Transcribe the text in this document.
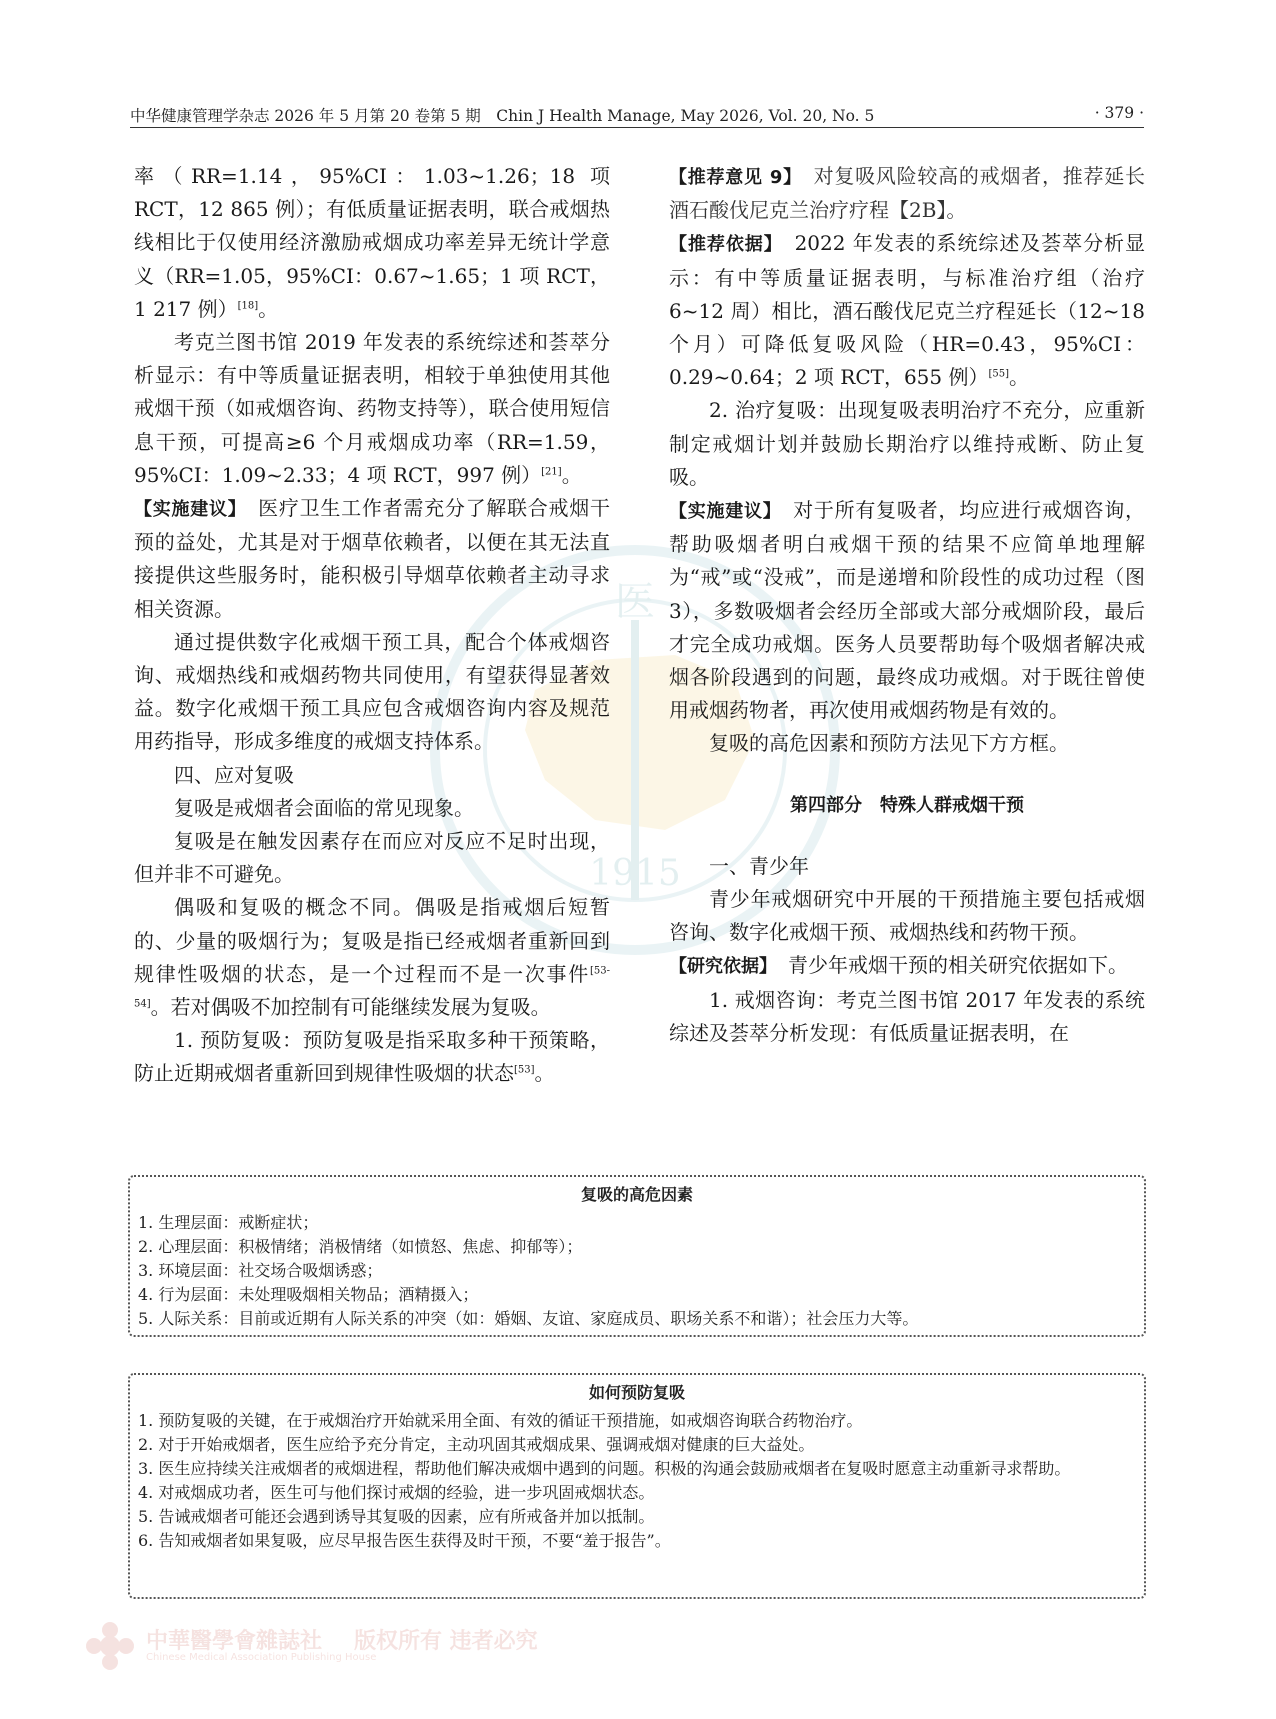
中华健康管理学杂志 2026 年 5 月第 20 卷第 5 期　Chin J Health Manage, May 2026, Vol. 20, No. 5	· 379 ·
医
1915

率（RR=1.14，95%CI：1.03~1.26；18 项 RCT，12 865 例）；有低质量证据表明，联合戒烟热线相比于仅使用经济激励戒烟成功率差异无统计学意义（RR=1.05，95%CI：0.67~1.65；1 项 RCT，1 217 例）[18]。

考克兰图书馆 2019 年发表的系统综述和荟萃分析显示：有中等质量证据表明，相较于单独使用其他戒烟干预（如戒烟咨询、药物支持等），联合使用短信息干预，可提高≥6 个月戒烟成功率（RR=1.59，95%CI：1.09~2.33；4 项 RCT，997 例）[21]。

【实施建议】　医疗卫生工作者需充分了解联合戒烟干预的益处，尤其是对于烟草依赖者，以便在其无法直接提供这些服务时，能积极引导烟草依赖者主动寻求相关资源。

通过提供数字化戒烟干预工具，配合个体戒烟咨询、戒烟热线和戒烟药物共同使用，有望获得显著效益。数字化戒烟干预工具应包含戒烟咨询内容及规范用药指导，形成多维度的戒烟支持体系。

四、应对复吸

复吸是戒烟者会面临的常见现象。

复吸是在触发因素存在而应对反应不足时出现，但并非不可避免。

偶吸和复吸的概念不同。偶吸是指戒烟后短暂的、少量的吸烟行为；复吸是指已经戒烟者重新回到规律性吸烟的状态，是一个过程而不是一次事件[53-54]。若对偶吸不加控制有可能继续发展为复吸。

1. 预防复吸：预防复吸是指采取多种干预策略，防止近期戒烟者重新回到规律性吸烟的状态[53]。

【推荐意见 9】　对复吸风险较高的戒烟者，推荐延长酒石酸伐尼克兰治疗疗程【2B】。

【推荐依据】　2022 年发表的系统综述及荟萃分析显示：有中等质量证据表明，与标准治疗组（治疗 6~12 周）相比，酒石酸伐尼克兰疗程延长（12~18 个月）可降低复吸风险（HR=0.43，95%CI：0.29~0.64；2 项 RCT，655 例）[55]。

2. 治疗复吸：出现复吸表明治疗不充分，应重新制定戒烟计划并鼓励长期治疗以维持戒断、防止复吸。

【实施建议】　对于所有复吸者，均应进行戒烟咨询，帮助吸烟者明白戒烟干预的结果不应简单地理解为“戒”或“没戒”，而是递增和阶段性的成功过程（图 3），多数吸烟者会经历全部或大部分戒烟阶段，最后才完全成功戒烟。医务人员要帮助每个吸烟者解决戒烟各阶段遇到的问题，最终成功戒烟。对于既往曾使用戒烟药物者，再次使用戒烟药物是有效的。

复吸的高危因素和预防方法见下方方框。

第四部分　特殊人群戒烟干预

一、青少年

青少年戒烟研究中开展的干预措施主要包括戒烟咨询、数字化戒烟干预、戒烟热线和药物干预。

【研究依据】　青少年戒烟干预的相关研究依据如下。

1. 戒烟咨询：考克兰图书馆 2017 年发表的系统综述及荟萃分析发现：有低质量证据表明，在

复吸的高危因素
1. 生理层面：戒断症状；
2. 心理层面：积极情绪；消极情绪（如愤怒、焦虑、抑郁等）；
3. 环境层面：社交场合吸烟诱惑；
4. 行为层面：未处理吸烟相关物品；酒精摄入；
5. 人际关系：目前或近期有人际关系的冲突（如：婚姻、友谊、家庭成员、职场关系不和谐）；社会压力大等。
如何预防复吸
1. 预防复吸的关键，在于戒烟治疗开始就采用全面、有效的循证干预措施，如戒烟咨询联合药物治疗。
2. 对于开始戒烟者，医生应给予充分肯定，主动巩固其戒烟成果、强调戒烟对健康的巨大益处。
3. 医生应持续关注戒烟者的戒烟进程，帮助他们解决戒烟中遇到的问题。积极的沟通会鼓励戒烟者在复吸时愿意主动重新寻求帮助。
4. 对戒烟成功者，医生可与他们探讨戒烟的经验，进一步巩固戒烟状态。
5. 告诫戒烟者可能还会遇到诱导其复吸的因素，应有所戒备并加以抵制。
6. 告知戒烟者如果复吸，应尽早报告医生获得及时干预，不要“羞于报告”。
中華醫學會雜誌社 版权所有 违者必究
Chinese Medical Association Publishing House
